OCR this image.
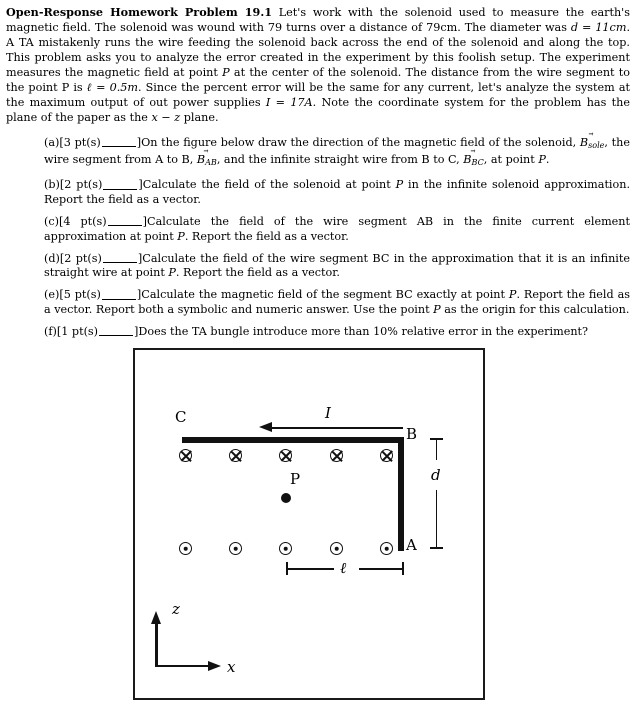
Open-Response Homework Problem 19.1 Let's work with the solenoid used to measure the earth's magnetic field. The solenoid was wound with 79 turns over a distance of 79cm. The diameter was d = 11cm. A TA mistakenly runs the wire feeding the solenoid back across the end of the solenoid and along the top. This problem asks you to analyze the error created in the experiment by this foolish setup. The experiment measures the magnetic field at point P at the center of the solenoid. The distance from the wire segment to the point P is ℓ = 0.5m. Since the percent error will be the same for any current, let's analyze the system at the maximum output of out power supplies I = 17A. Note the coordinate system for the problem has the plane of the paper as the x − z plane.
(a)[3 pt(s)	]On the figure below draw the direction of the magnetic field of the solenoid, → $B_{sole}$, the wire segment from A to B, → $B_{AB}$, and the infinite straight wire from B to C, → $B_{BC}$, at point P.
(b)[2 pt(s)	]Calculate the field of the solenoid at point P in the infinite solenoid approximation. Report the field as a vector.
(c)[4 pt(s)	]Calculate the field of the wire segment AB in the finite current element approximation at point P. Report the field as a vector.
(d)[2 pt(s)	]Calculate the field of the wire segment BC in the approximation that it is an infinite straight wire at point P. Report the field as a vector.
(e)[5 pt(s)	]Calculate the magnetic field of the segment BC exactly at point P. Report the field as a vector. Report both a symbolic and numeric answer. Use the point P as the origin for this calculation.
(f)[1 pt(s)	]Does the TA bungle introduce more than 10% relative error in the experiment?
I
C
B
A
P	d
ℓ
z
x
